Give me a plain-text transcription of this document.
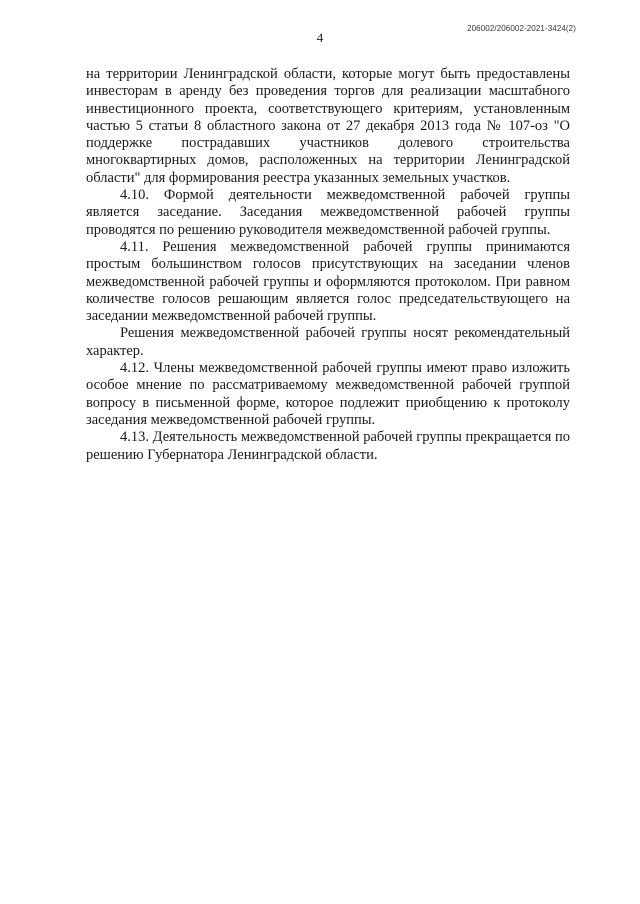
4
206002/206002-2021-3424(2)

на территории Ленинградской области, которые могут быть предоставлены инвесторам в аренду без проведения торгов для реализации масштабного инвестиционного проекта, соответствующего критериям, установленным частью 5 статьи 8 областного закона от 27 декабря 2013 года № 107-оз "О поддержке пострадавших участников долевого строительства многоквартирных домов, расположенных на территории Ленинградской области" для формирования реестра указанных земельных участков.

4.10. Формой деятельности межведомственной рабочей группы является заседание. Заседания межведомственной рабочей группы проводятся по решению руководителя межведомственной рабочей группы.

4.11. Решения межведомственной рабочей группы принимаются простым большинством голосов присутствующих на заседании членов межведомственной рабочей группы и оформляются протоколом. При равном количестве голосов решающим является голос председательствующего на заседании межведомственной рабочей группы.

Решения межведомственной рабочей группы носят рекомендательный характер.

4.12. Члены межведомственной рабочей группы имеют право изложить особое мнение по рассматриваемому межведомственной рабочей группой вопросу в письменной форме, которое подлежит приобщению к протоколу заседания межведомственной рабочей группы.

4.13. Деятельность межведомственной рабочей группы прекращается по решению Губернатора Ленинградской области.
